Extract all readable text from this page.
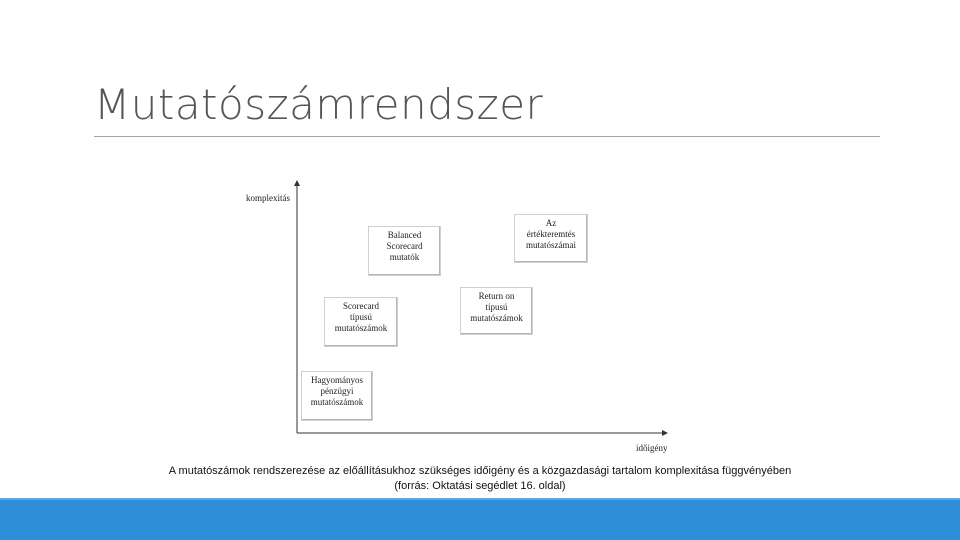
Mutatószámrendszer
komplexitás
időigény
Hagyományos
pénzügyi
mutatószámok
Scorecard
típusú
mutatószámok
Balanced
Scorecard
mutatók
Return on
típusú
mutatószámok
Az
értékteremtés
mutatószámai
A mutatószámok rendszerezése az előállításukhoz szükséges időigény és a közgazdasági tartalom komplexitása függvényében
(forrás: Oktatási segédlet 16. oldal)
